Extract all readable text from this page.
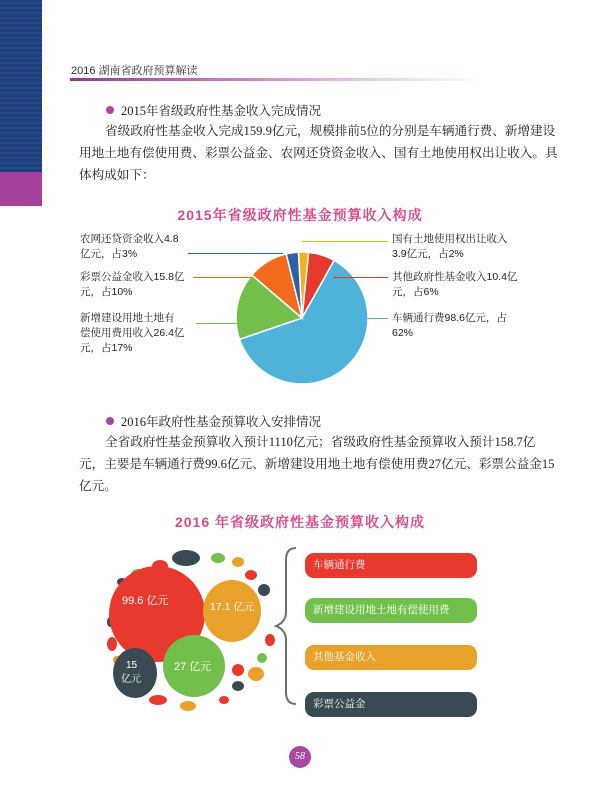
2016 湖南省政府预算解读
2015年省级政府性基金收入完成情况
省级政府性基金收入完成159.9亿元，规模排前5位的分别是车辆通行费、新增建设
用地土地有偿使用费、彩票公益金、农网还贷资金收入、国有土地使用权出让收入。具
体构成如下：
2015年省级政府性基金预算收入构成
农网还贷资金收入4.8
亿元，占3%
彩票公益金收入15.8亿
元，占10%
新增建设用地土地有
偿使用费用收入26.4亿
元，占17%
国有土地使用权出让收入
3.9亿元，占2%
其他政府性基金收入10.4亿
元，占6%
车辆通行费98.6亿元，占
62%
2016年政府性基金预算收入安排情况
全省政府性基金预算收入预计1110亿元；省级政府性基金预算收入预计158.7亿
元，主要是车辆通行费99.6亿元、新增建设用地土地有偿使用费27亿元、彩票公益金15
亿元。
2016 年省级政府性基金预算收入构成
99.6 亿元	17.1 亿元
27 亿元
15
亿元
车辆通行费
新增建设用地土地有偿使用费
其他基金收入
彩票公益金
58
